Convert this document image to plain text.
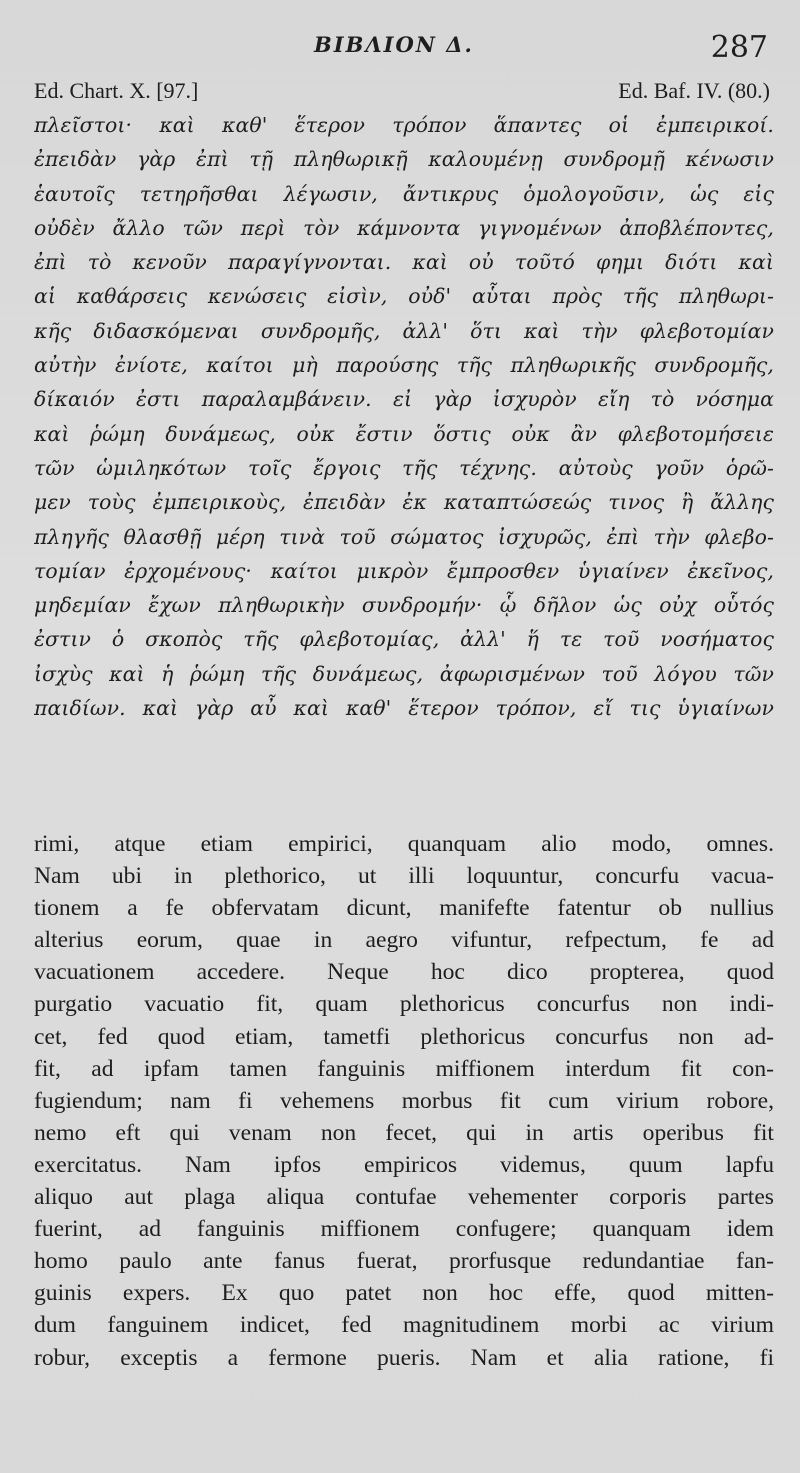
BIBΛION Δ.	287
Ed. Chart. X. [97.]	Ed. Baf. IV. (80.)
πλεῖστοι· καὶ καθ' ἕτερον τρόπον ἅπαντες οἱ ἐμπειρικοί.
ἐπειδὰν γὰρ ἐπὶ τῇ πληθωρικῇ καλουμένῃ συνδρομῇ κένωσιν
ἑαυτοῖς τετηρῆσθαι λέγωσιν, ἄντικρυς ὁμολογοῦσιν, ὡς εἰς
οὐδὲν ἄλλο τῶν περὶ τὸν κάμνοντα γιγνομένων ἀποβλέποντες,
ἐπὶ τὸ κενοῦν παραγίγνονται. καὶ οὐ τοῦτό φημι διότι καὶ
αἱ καθάρσεις κενώσεις εἰσὶν, οὐδ' αὗται πρὸς τῆς πληθωρι-
κῆς διδασκόμεναι συνδρομῆς, ἀλλ' ὅτι καὶ τὴν φλεβοτομίαν
αὐτὴν ἐνίοτε, καίτοι μὴ παρούσης τῆς πληθωρικῆς συνδρομῆς,
δίκαιόν ἐστι παραλαμβάνειν. εἰ γὰρ ἰσχυρὸν εἴη τὸ νόσημα
καὶ ῥώμη δυνάμεως, οὐκ ἔστιν ὅστις οὐκ ἂν φλεβοτομήσειε
τῶν ὡμιληκότων τοῖς ἔργοις τῆς τέχνης. αὐτοὺς γοῦν ὁρῶ-
μεν τοὺς ἐμπειρικοὺς, ἐπειδὰν ἐκ καταπτώσεώς τινος ἢ ἄλλης
πληγῆς θλασθῇ μέρη τινὰ τοῦ σώματος ἰσχυρῶς, ἐπὶ τὴν φλεβο-
τομίαν ἐρχομένους· καίτοι μικρὸν ἔμπροσθεν ὑγιαίνεν ἐκεῖνος,
μηδεμίαν ἔχων πληθωρικὴν συνδρομήν· ᾧ δῆλον ὡς οὐχ οὗτός
ἐστιν ὁ σκοπὸς τῆς φλεβοτομίας, ἀλλ' ἥ τε τοῦ νοσήματος
ἰσχὺς καὶ ἡ ῥώμη τῆς δυνάμεως, ἀφωρισμένων τοῦ λόγου τῶν
παιδίων. καὶ γὰρ αὖ καὶ καθ' ἕτερον τρόπον, εἴ τις ὑγιαίνων
rimi, atque etiam empirici, quanquam alio modo, omnes.
Nam ubi in plethorico, ut illi loquuntur, concurfu vacua-
tionem a fe obfervatam dicunt, manifefte fatentur ob nullius
alterius eorum, quae in aegro vifuntur, refpectum, fe ad
vacuationem accedere. Neque hoc dico propterea, quod
purgatio vacuatio fit, quam plethoricus concurfus non indi-
cet, fed quod etiam, tametfi plethoricus concurfus non ad-
fit, ad ipfam tamen fanguinis miffionem interdum fit con-
fugiendum; nam fi vehemens morbus fit cum virium robore,
nemo eft qui venam non fecet, qui in artis operibus fit
exercitatus. Nam ipfos empiricos videmus, quum lapfu
aliquo aut plaga aliqua contufae vehementer corporis partes
fuerint, ad fanguinis miffionem confugere; quanquam idem
homo paulo ante fanus fuerat, prorfusque redundantiae fan-
guinis expers. Ex quo patet non hoc effe, quod mitten-
dum fanguinem indicet, fed magnitudinem morbi ac virium
robur, exceptis a fermone pueris. Nam et alia ratione, fi
